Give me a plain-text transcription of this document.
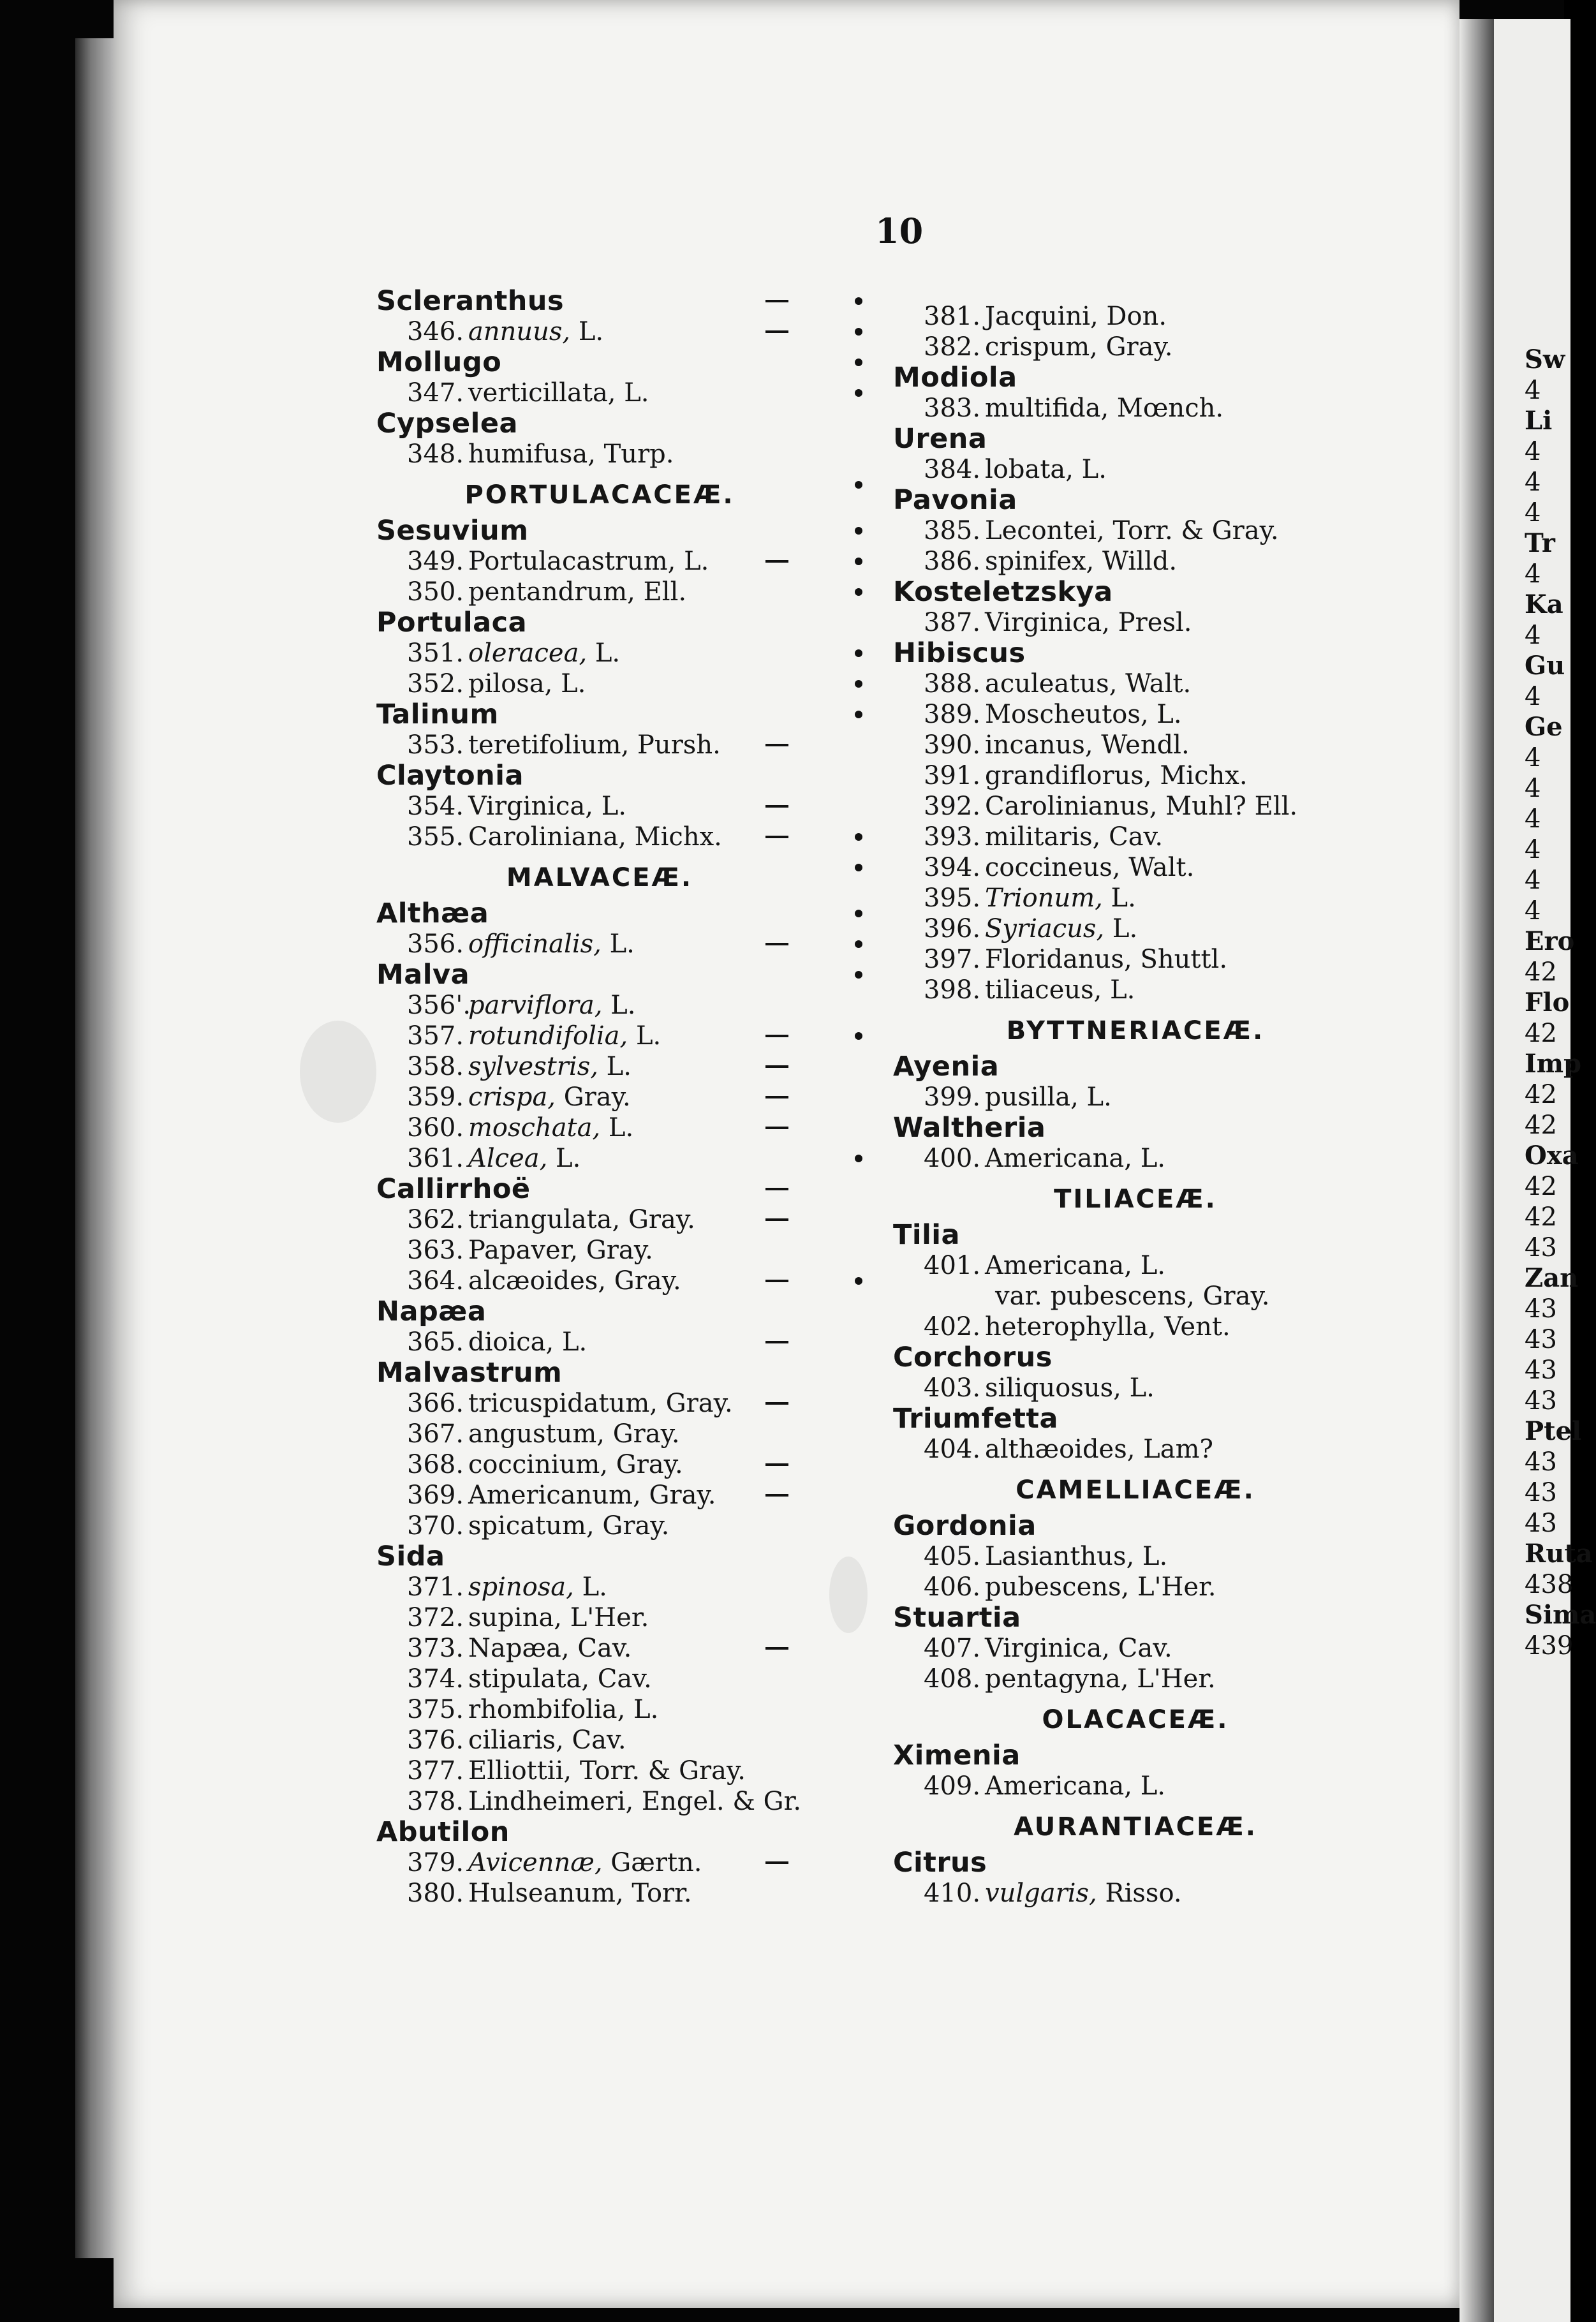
10
Scleranthus
346. annuus, L.
Mollugo
347. verticillata, L.
Cypselea
348. humifusa, Turp.
PORTULACACEÆ.
Sesuvium
349. Portulacastrum, L.
350. pentandrum, Ell.
Portulaca
351. oleracea, L.
352. pilosa, L.
Talinum
353. teretifolium, Pursh.
Claytonia
354. Virginica, L.
355. Caroliniana, Michx.
MALVACEÆ.
Althæa
356. officinalis, L.
Malva
356'.parviflora, L.
357. rotundifolia, L.
358. sylvestris, L.
359. crispa, Gray.
360. moschata, L.
361. Alcea, L.
Callirrhoë
362. triangulata, Gray.
363. Papaver, Gray.
364. alcæoides, Gray.
Napæa
365. dioica, L.
Malvastrum
366. tricuspidatum, Gray.
367. angustum, Gray.
368. coccinium, Gray.
369. Americanum, Gray.
370. spicatum, Gray.
Sida
371. spinosa, L.
372. supina, L'Her.
373. Napæa, Cav.
374. stipulata, Cav.
375. rhombifolia, L.
376. ciliaris, Cav.
377. Elliottii, Torr. & Gray.
378. Lindheimeri, Engel. & Gr.
Abutilon
379. Avicennæ, Gærtn.
380. Hulseanum, Torr.
381. Jacquini, Don.
382. crispum, Gray.
Modiola
383. multifida, Mœnch.
Urena
384. lobata, L.
Pavonia
385. Lecontei, Torr. & Gray.
386. spinifex, Willd.
Kosteletzskya
387. Virginica, Presl.
Hibiscus
388. aculeatus, Walt.
389. Moscheutos, L.
390. incanus, Wendl.
391. grandiflorus, Michx.
392. Carolinianus, Muhl? Ell.
393. militaris, Cav.
394. coccineus, Walt.
395. Trionum, L.
396. Syriacus, L.
397. Floridanus, Shuttl.
398. tiliaceus, L.
BYTTNERIACEÆ.
Ayenia
399. pusilla, L.
Waltheria
400. Americana, L.
TILIACEÆ.
Tilia
401. Americana, L.
var. pubescens, Gray.
402. heterophylla, Vent.
Corchorus
403. siliquosus, L.
Triumfetta
404. althæoides, Lam?
CAMELLIACEÆ.
Gordonia
405. Lasianthus, L.
406. pubescens, L'Her.
Stuartia
407. Virginica, Cav.
408. pentagyna, L'Her.
OLACACEÆ.
Ximenia
409. Americana, L.
AURANTIACEÆ.
Citrus
410. vulgaris, Risso.
Sw
4
Li
4
4
4
Tr
4
Ka
4
Gu
4
Ge
4
4
4
4
4
4
Ero
42
Flo
42
Imp
42
42
Oxa
42
42
43
Zan
43
43
43
43
Ptel
43
43
43
Ruta
438
Sima
439
